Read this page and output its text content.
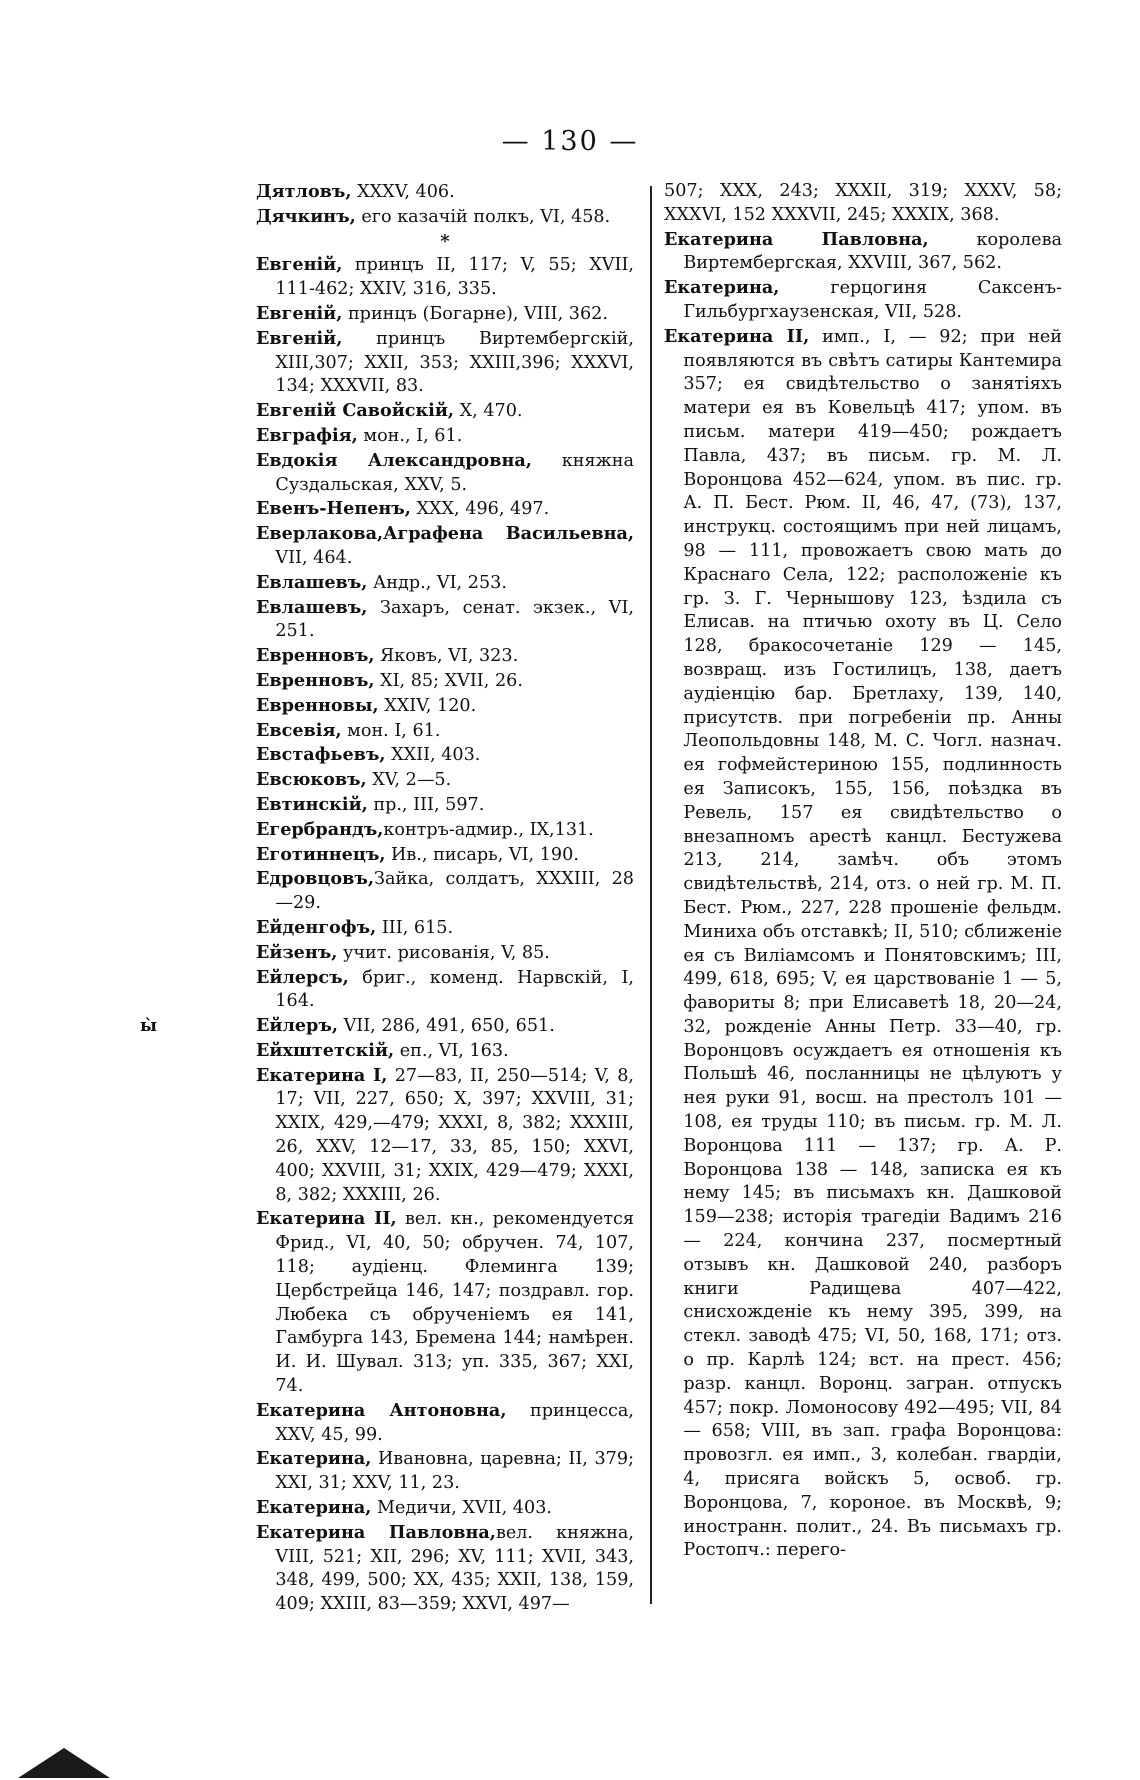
— 130 —
ы̀
Дятловъ, XXXV, 406.
Дячкинъ, его казачій полкъ, VI, 458.
*
Евгеній, принцъ II, 117; V, 55; XVII, 111-462; XXIV, 316, 335.
Евгеній, принцъ (Богарне), VIII, 362.
Евгеній, принцъ Виртембергскій, XIII,307; XXII, 353; XXIII,396; XXXVI, 134; XXXVII, 83.
Евгеній Савойскій, X, 470.
Евграфія, мон., I, 61.
Евдокія Александровна, княжна Суздальская, XXV, 5.
Евенъ-Непенъ, XXX, 496, 497.
Еверлакова,Аграфена Васильевна, VII, 464.
Евлашевъ, Андр., VI, 253.
Евлашевъ, Захаръ, сенат. экзек., VI, 251.
Евренновъ, Яковъ, VI, 323.
Евренновъ, XI, 85; XVII, 26.
Евренновы, XXIV, 120.
Евсевія, мон. I, 61.
Евстафьевъ, XXII, 403.
Евсюковъ, XV, 2—5.
Евтинскій, пр., III, 597.
Егербрандъ,контръ-адмир., IX,131.
Еготиннецъ, Ив., писарь, VI, 190.
Едровцовъ,Зайка, солдатъ, XXXIII, 28—29.
Ейденгофъ, III, 615.
Ейзенъ, учит. рисованія, V, 85.
Ейлерсъ, бриг., коменд. Нарвскій, I, 164.
Ейлеръ, VII, 286, 491, 650, 651.
Ейхштетскій, еп., VI, 163.
Екатерина I, 27—83, II, 250—514; V, 8, 17; VII, 227, 650; X, 397; XXVIII, 31; XXIX, 429,—479; XXXI, 8, 382; XXXIII, 26, XXV, 12—17, 33, 85, 150; XXVI, 400; XXVIII, 31; XXIX, 429—479; XXXI, 8, 382; XXXIII, 26.
Екатерина II, вел. кн., рекомендуется Фрид., VI, 40, 50; обручен. 74, 107, 118; аудіенц. Флеминга 139; Цербстрейца 146, 147; поздравл. гор. Любека съ обрученіемъ ея 141, Гамбурга 143, Бремена 144; намѣрен. И. И. Шувал. 313; уп. 335, 367; XXI, 74.
Екатерина Антоновна, принцесса, XXV, 45, 99.
Екатерина, Ивановна, царевна; II, 379; XXI, 31; XXV, 11, 23.
Екатерина, Медичи, XVII, 403.
Екатерина Павловна,вел. княжна, VIII, 521; XII, 296; XV, 111; XVII, 343, 348, 499, 500; XX, 435; XXII, 138, 159, 409; XXIII, 83—359; XXVI, 497—
507; XXX, 243; XXXII, 319; XXXV, 58; XXXVI, 152 XXXVII, 245; XXXIX, 368.
Екатерина Павловна, королева Виртембергская, XXVIII, 367, 562.
Екатерина, герцогиня Саксенъ-Гильбургхаузенская, VII, 528.
Екатерина II, имп., I, — 92; при ней появляются въ свѣтъ сатиры Кантемира 357; ея свидѣтельство о занятіяхъ матери ея въ Ковельцѣ 417; упом. въ письм. матери 419—450; рождаетъ Павла, 437; въ письм. гр. М. Л. Воронцова 452—624, упом. въ пис. гр. А. П. Бест. Рюм. II, 46, 47, (73), 137, инструкц. состоящимъ при ней лицамъ, 98 — 111, провожаетъ свою мать до Краснаго Села, 122; расположеніе къ гр. З. Г. Чернышову 123, ѣздила съ Елисав. на птичью охоту въ Ц. Село 128, бракосочетаніе 129 — 145, возвращ. изъ Гостилицъ, 138, даетъ аудіенцію бар. Бретлаху, 139, 140, присутств. при погребеніи пр. Анны Леопольдовны 148, М. С. Чогл. назнач. ея гофмейстериною 155, подлинность ея Записокъ, 155, 156, поѣздка въ Ревель, 157 ея свидѣтельство о внезапномъ арестѣ канцл. Бестужева 213, 214, замѣч. объ этомъ свидѣтельствѣ, 214, отз. о ней гр. М. П. Бест. Рюм., 227, 228 прошеніе фельдм. Миниха объ отставкѣ; II, 510; сближеніе ея съ Виліамсомъ и Понятовскимъ; III, 499, 618, 695; V, ея царствованіе 1 — 5, фавориты 8; при Елисаветѣ 18, 20—24, 32, рожденіе Анны Петр. 33—40, гр. Воронцовъ осуждаетъ ея отношенія къ Польшѣ 46, посланницы не цѣлуютъ у нея руки 91, восш. на престолъ 101 — 108, ея труды 110; въ письм. гр. М. Л. Воронцова 111 — 137; гр. А. Р. Воронцова 138 — 148, записка ея къ нему 145; въ письмахъ кн. Дашковой 159—238; исторія трагедіи Вадимъ 216 — 224, кончина 237, посмертный отзывъ кн. Дашковой 240, разборъ книги Радищева 407—422, снисхожденіе къ нему 395, 399, на стекл. заводѣ 475; VI, 50, 168, 171; отз. о пр. Карлѣ 124; вст. на прест. 456; разр. канцл. Воронц. загран. отпускъ 457; покр. Ломоносову 492—495; VII, 84 — 658; VIII, въ зап. графа Воронцова: провозгл. ея имп., 3, колебан. гвардіи, 4, присяга войскъ 5, освоб. гр. Воронцова, 7, короное. въ Москвѣ, 9; иностранн. полит., 24. Въ письмахъ гр. Ростопч.: перего-
